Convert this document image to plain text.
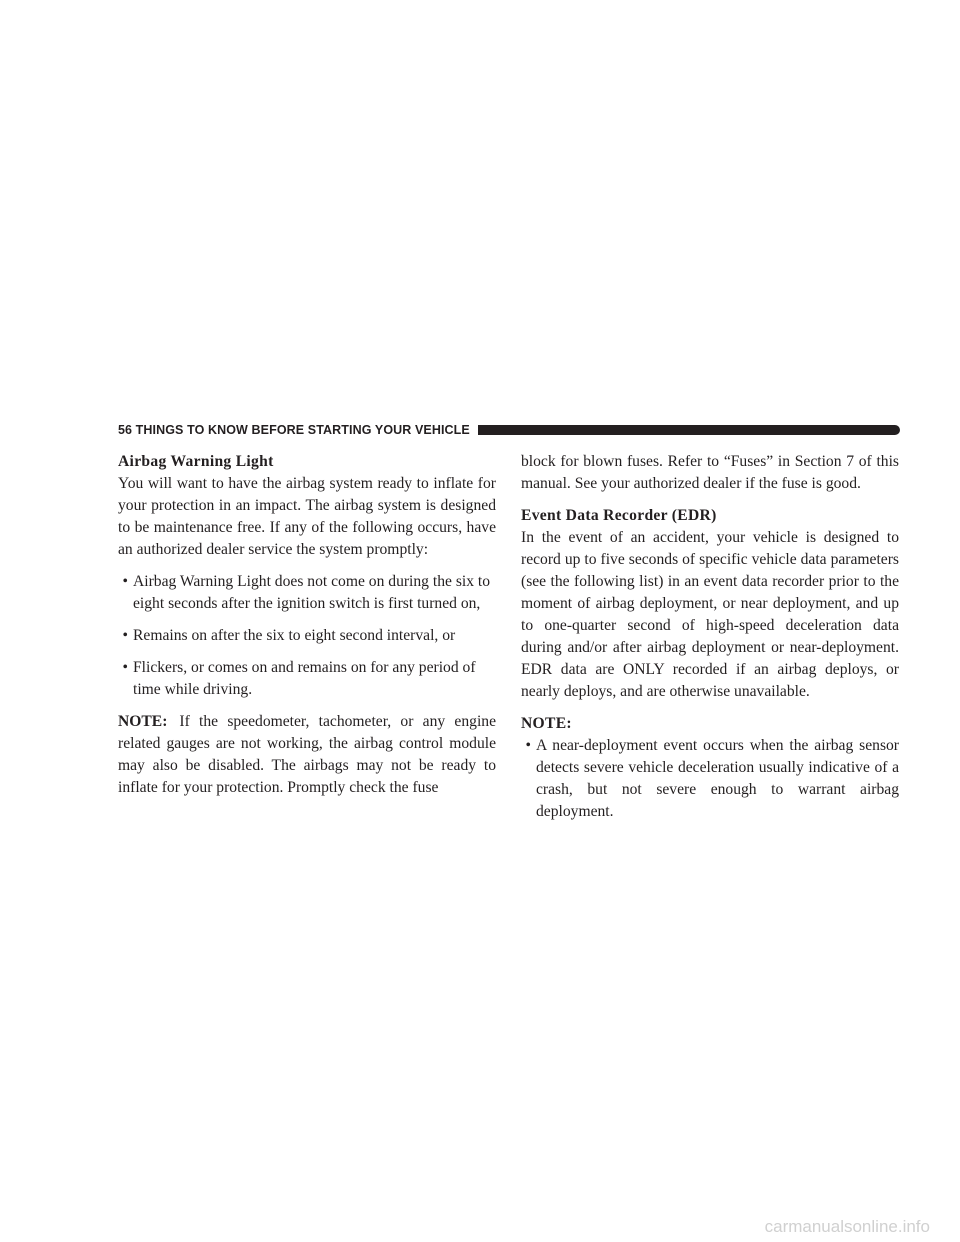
56 THINGS TO KNOW BEFORE STARTING YOUR VEHICLE
Airbag Warning Light

You will want to have the airbag system ready to inflate for your protection in an impact. The airbag system is designed to be maintenance free. If any of the following occurs, have an authorized dealer service the system promptly:

• Airbag Warning Light does not come on during the six to eight seconds after the ignition switch is first turned on,
• Remains on after the six to eight second interval, or
• Flickers, or comes on and remains on for any period of time while driving.

NOTE: If the speedometer, tachometer, or any engine related gauges are not working, the airbag control module may also be disabled. The airbags may not be ready to inflate for your protection. Promptly check the fuse

block for blown fuses. Refer to “Fuses” in Section 7 of this manual. See your authorized dealer if the fuse is good.

Event Data Recorder (EDR)

In the event of an accident, your vehicle is designed to record up to five seconds of specific vehicle data parameters (see the following list) in an event data recorder prior to the moment of airbag deployment, or near deployment, and up to one-quarter second of high-speed deceleration data during and/or after airbag deployment or near-deployment. EDR data are ONLY recorded if an airbag deploys, or nearly deploys, and are otherwise unavailable.

NOTE:
• A near-deployment event occurs when the airbag sensor detects severe vehicle deceleration usually indicative of a crash, but not severe enough to warrant airbag deployment.
carmanualsonline.info
